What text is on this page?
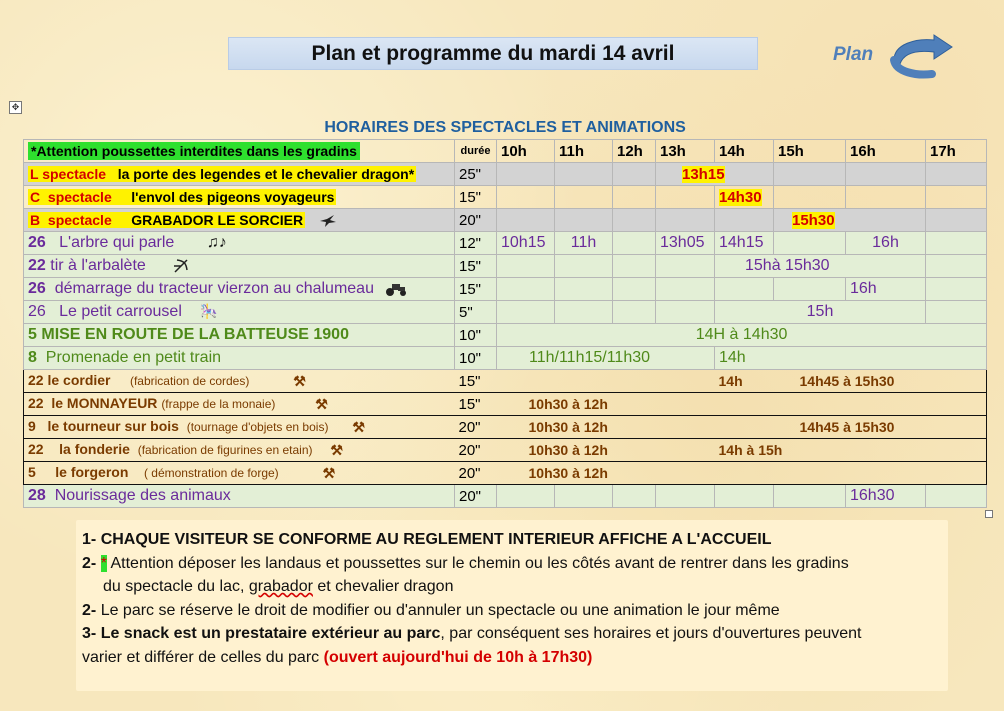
Plan et programme du mardi 14 avril	Plan
✥
HORAIRES DES SPECTACLES ET ANIMATIONS									
*Attention poussettes interdites dans les gradins	durée	10h	11h	12h	13h	14h	15h	16h	17h
L spectacle la porte des legendes et le chevalier dragon*	25"				13h15				
C spectacle l'envol des pigeons voyageurs	15"					14h30			
B spectacle GRABADOR LE SORCIER	20"						15h30		
26 L'arbre qui parle ♫♪	12"	10h15	11h		13h05	14h15		16h	
22 tir à l'arbalète	15"					15hà 15h30			
26 démarrage du tracteur vierzon au chalumeau	15"							16h	
26 Le petit carrousel 🎠	5"					15h			
5 MISE EN ROUTE DE LA BATTEUSE 1900	10"	14H à 14h30							
8 Promenade en petit train	10"	11h/11h15/11h30				14h			
22 le cordier (fabrication de cordes) ⚒	15"					14h	14h45 à 15h30		
22 le MONNAYEUR (frappe de la monaie) ⚒	15"	10h30 à 12h							
9 le tourneur sur bois (tournage d'objets en bois) ⚒	20"	10h30 à 12h					14h45 à 15h30		
22 la fonderie (fabrication de figurines en etain) ⚒	20"	10h30 à 12h				14h à 15h			
5 le forgeron ( démonstration de forge) ⚒	20"	10h30 à 12h							
28 Nourissage des animaux	20"							16h30	

1- CHAQUE VISITEUR SE CONFORME AU REGLEMENT INTERIEUR AFFICHE A L'ACCUEIL

2- * Attention déposer les landaus et poussettes sur le chemin ou les côtés avant de rentrer dans les gradins

du spectacle du lac, grabador et chevalier dragon

2- Le parc se réserve le droit de modifier ou d'annuler un spectacle ou une animation le jour même

3- Le snack est un prestataire extérieur au parc, par conséquent ses horaires et jours d'ouvertures peuvent

varier et différer de celles du parc (ouvert aujourd'hui de 10h à 17h30)
